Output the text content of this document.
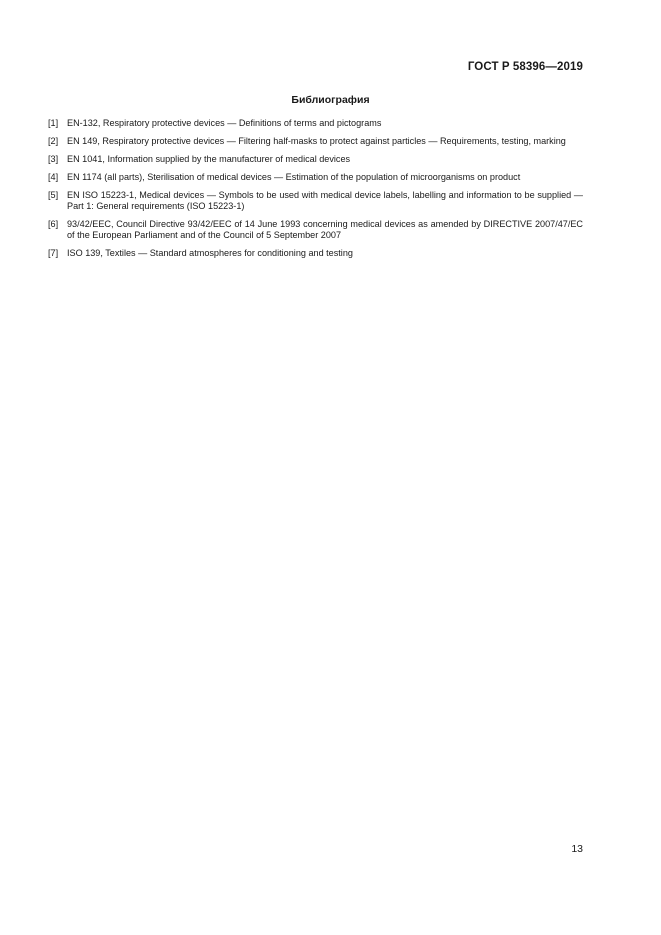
ГОСТ Р 58396—2019
Библиография
[1] EN-132, Respiratory protective devices — Definitions of terms and pictograms
[2] EN 149, Respiratory protective devices — Filtering half-masks to protect against particles — Requirements, testing, marking
[3] EN 1041, Information supplied by the manufacturer of medical devices
[4] EN 1174 (all parts), Sterilisation of medical devices — Estimation of the population of microorganisms on product
[5] EN ISO 15223-1, Medical devices — Symbols to be used with medical device labels, labelling and information to be supplied — Part 1: General requirements (ISO 15223-1)
[6] 93/42/EEC, Council Directive 93/42/EEC of 14 June 1993 concerning medical devices as amended by DIRECTIVE 2007/47/EC of the European Parliament and of the Council of 5 September 2007
[7] ISO 139, Textiles — Standard atmospheres for conditioning and testing
13
